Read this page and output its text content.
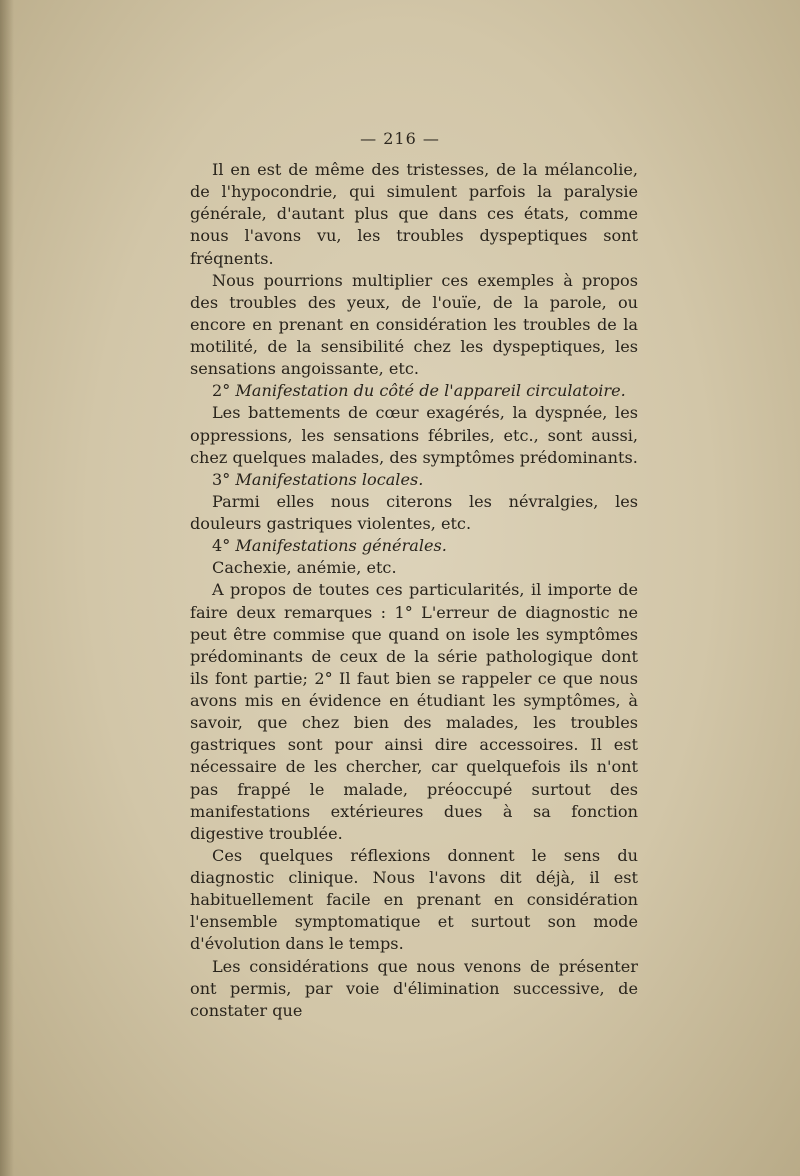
— 216 —

Il en est de même des tristesses, de la mélancolie, de l'hypocondrie, qui simulent parfois la paralysie générale, d'autant plus que dans ces états, comme nous l'avons vu, les troubles dyspeptiques sont fréqnents.

Nous pourrions multiplier ces exemples à propos des troubles des yeux, de l'ouïe, de la parole, ou encore en prenant en considération les troubles de la motilité, de la sensibilité chez les dyspeptiques, les sensations angoissante, etc.

2° Manifestation du côté de l'appareil circulatoire.

Les battements de cœur exagérés, la dyspnée, les oppressions, les sensations fébriles, etc., sont aussi, chez quelques malades, des symptômes prédominants.

3° Manifestations locales.

Parmi elles nous citerons les névralgies, les douleurs gastriques violentes, etc.

4° Manifestations générales.

Cachexie, anémie, etc.

A propos de toutes ces particularités, il importe de faire deux remarques : 1° L'erreur de diagnostic ne peut être commise que quand on isole les symptômes prédominants de ceux de la série pathologique dont ils font partie; 2° Il faut bien se rappeler ce que nous avons mis en évidence en étudiant les symptômes, à savoir, que chez bien des malades, les troubles gastriques sont pour ainsi dire accessoires. Il est nécessaire de les chercher, car quelquefois ils n'ont pas frappé le malade, préoccupé surtout des manifestations extérieures dues à sa fonction digestive troublée.

Ces quelques réflexions donnent le sens du diagnostic clinique. Nous l'avons dit déjà, il est habituellement facile en prenant en considération l'ensemble symptomatique et surtout son mode d'évolution dans le temps.

Les considérations que nous venons de présenter ont permis, par voie d'élimination successive, de constater que
